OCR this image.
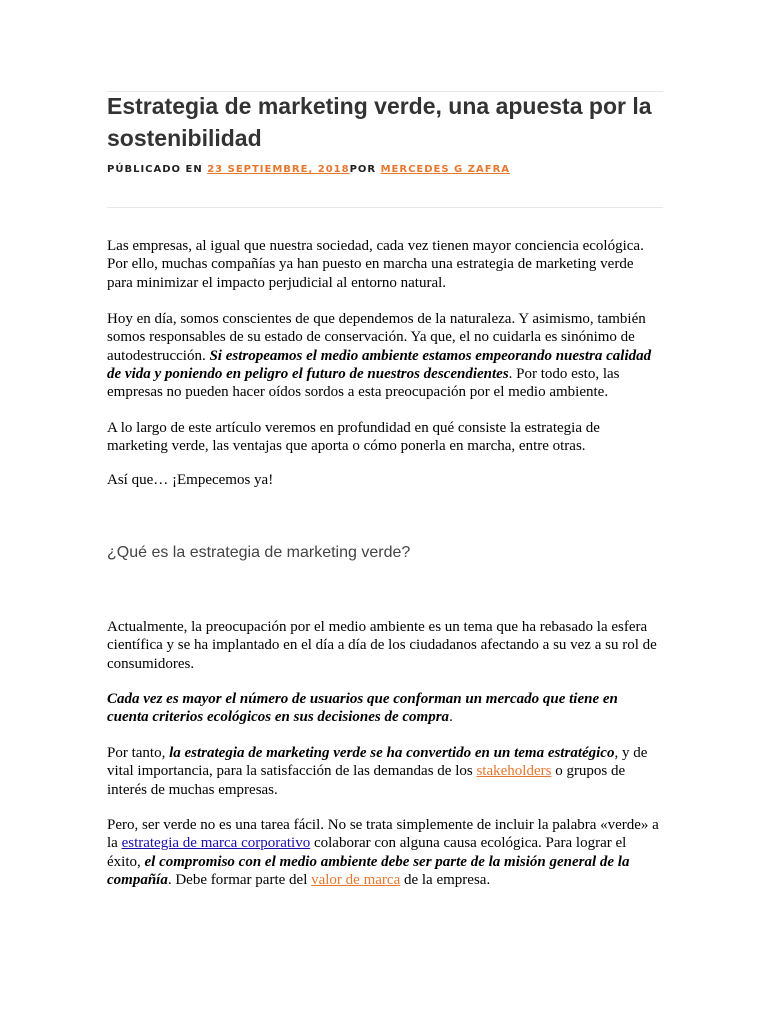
Estrategia de marketing verde, una apuesta por la sostenibilidad
PÚBLICADO EN 23 SEPTIEMBRE, 2018POR MERCEDES G ZAFRA

Las empresas, al igual que nuestra sociedad, cada vez tienen mayor conciencia ecológica. Por ello, muchas compañías ya han puesto en marcha una estrategia de marketing verde para minimizar el impacto perjudicial al entorno natural.

Hoy en día, somos conscientes de que dependemos de la naturaleza. Y asimismo, también somos responsables de su estado de conservación. Ya que, el no cuidarla es sinónimo de autodestrucción. Si estropeamos el medio ambiente estamos empeorando nuestra calidad de vida y poniendo en peligro el futuro de nuestros descendientes. Por todo esto, las empresas no pueden hacer oídos sordos a esta preocupación por el medio ambiente.

A lo largo de este artículo veremos en profundidad en qué consiste la estrategia de marketing verde, las ventajas que aporta o cómo ponerla en marcha, entre otras.

Así que… ¡Empecemos ya!

¿Qué es la estrategia de marketing verde?

Actualmente, la preocupación por el medio ambiente es un tema que ha rebasado la esfera científica y se ha implantado en el día a día de los ciudadanos afectando a su vez a su rol de consumidores.

Cada vez es mayor el número de usuarios que conforman un mercado que tiene en cuenta criterios ecológicos en sus decisiones de compra.

Por tanto, la estrategia de marketing verde se ha convertido en un tema estratégico, y de vital importancia, para la satisfacción de las demandas de los stakeholders o grupos de interés de muchas empresas.

Pero, ser verde no es una tarea fácil. No se trata simplemente de incluir la palabra «verde» a la estrategia de marca corporativo colaborar con alguna causa ecológica. Para lograr el éxito, el compromiso con el medio ambiente debe ser parte de la misión general de la compañía. Debe formar parte del valor de marca de la empresa.
